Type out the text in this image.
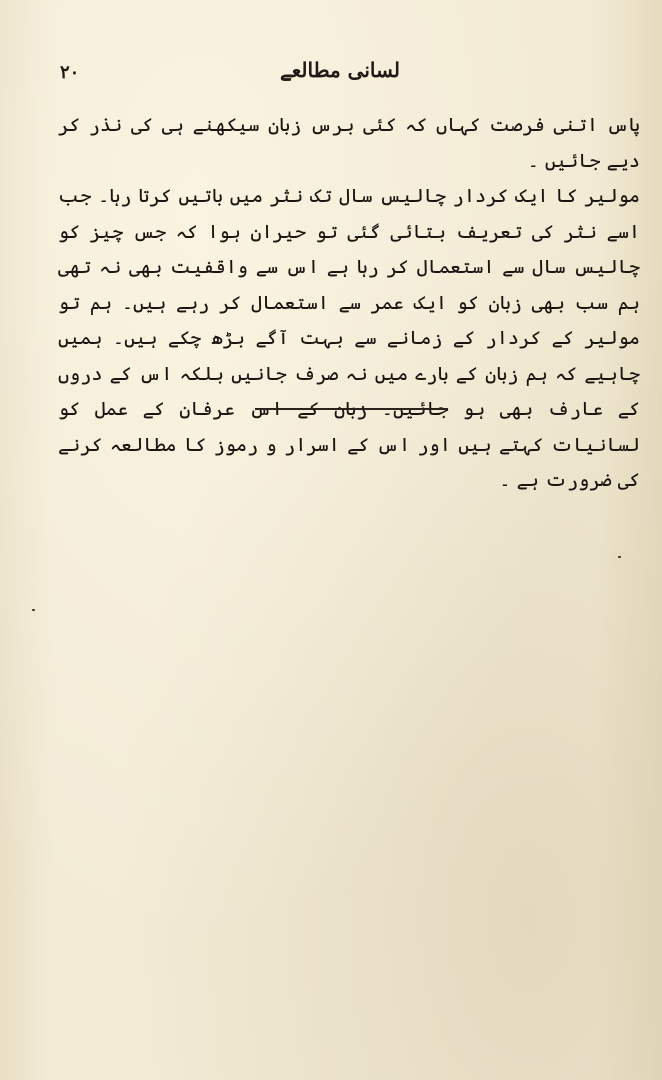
۲۰	لسانی مطالعے

پاس اتنی فرصت کہاں کہ کئی برس زبان سیکھنے ہی کی نذر کر دیے جائیں ۔

مولیر کا ایک کردار چالیس سال تک نثر میں باتیں کرتا رہا۔ جب اسے نثر کی تعریف بتائی گئی تو حیران ہوا کہ جس چیز کو چالیس سال سے استعمال کر رہا ہے اس سے واقفیت بھی نہ تھی ہم سب بھی زبان کو ایک عمر سے استعمال کر رہے ہیں۔ ہم تو مولیر کے کردار کے زمانے سے بہت آگے بڑھ چکے ہیں۔ ہمیں چاہیے کہ ہم زبان کے بارے میں نہ صرف جانیں بلکہ اس کے دروں کے عارف بھی ہو جائیں۔ زبان کے اس عرفان کے عمل کو لسانیات کہتے ہیں اور اس کے اسرار و رموز کا مطالعہ کرنے کی ضرورت ہے ۔
